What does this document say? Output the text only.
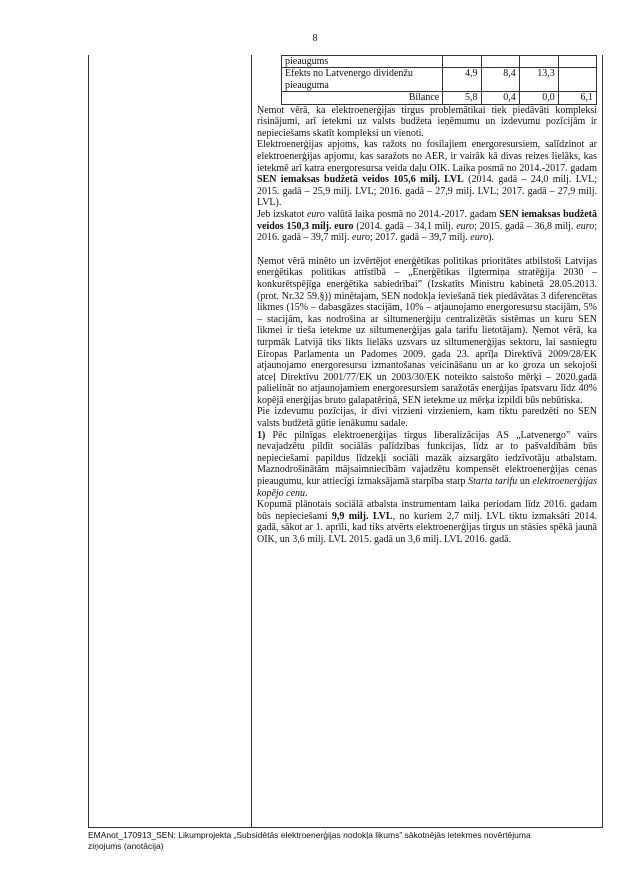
8
pieaugums				
Efekts no Latvenergo dividenžu pieauguma	4,9	8,4	13,3	
Bilance	5,8	0,4	0,0	6,1

Ņemot vērā, ka elektroenerģijas tirgus problemātikai tiek piedāvāti kompleksi risinājumi, arī ietekmi uz valsts budžeta ieņēmumu un izdevumu pozīcijām ir nepieciešams skatīt kompleksi un vienoti.

Elektroenerģijas apjoms, kas ražots no fosilajiem energoresursiem, salīdzinot ar elektroenerģijas apjomu, kas saražots no AER, ir vairāk kā divas reizes lielāks, kas ietekmē arī katra energoresursa veida daļu OIK. Laika posmā no 2014.-2017. gadam SEN iemaksas budžetā veidos 105,6 milj. LVL (2014. gadā – 24,0 milj. LVL; 2015. gadā – 25,9 milj. LVL; 2016. gadā – 27,9 milj. LVL; 2017. gadā – 27,9 milj. LVL).

Jeb izskatot euro valūtā laika posmā no 2014.-2017. gadam SEN iemaksas budžetā veidos 150,3 milj. euro (2014. gadā – 34,1 milj. euro; 2015. gadā – 36,8 milj. euro; 2016. gadā – 39,7 milj. euro; 2017. gadā – 39,7 milj. euro).

Ņemot vērā minēto un izvērtējot enerģētikas politikas prioritātes atbilstoši Latvijas enerģētikas politikas attīstībā – „Enerģētikas ilgtermiņa stratēģija 2030 – konkurētspējīga enerģētika sabiedrībai” (Izskatīts Ministru kabinetā 28.05.2013. (prot. Nr.32 59.§)) minētajam, SEN nodokļa ieviešanā tiek piedāvātas 3 diferencētas likmes (15% – dabasgāzes stacijām, 10% – atjaunojamo energoresursu stacijām, 5% – stacijām, kas nodrošina ar siltumenerģiju centralizētās sistēmas un kuru SEN likmei ir tieša ietekme uz siltumenerģijas gala tarifu lietotājam). Ņemot vērā, ka turpmāk Latvijā tiks likts lielāks uzsvars uz siltumenerģijas sektoru, lai sasniegtu Eiropas Parlamenta un Padomes 2009. gada 23. aprīļa Direktīvā 2009/28/EK atjaunojamo energoresursu izmantošanas veicināšanu un ar ko groza un sekojoši atceļ Direktīvu 2001/77/EK un 2003/30/EK noteikto saistošo mērķi – 2020.gadā palielināt no atjaunojamiem energoresursiem saražotās enerģijas īpatsvaru līdz 40% kopējā enerģijas bruto galapatēriņā, SEN ietekme uz mērķa izpildi būs nebūtiska.

Pie izdevumu pozīcijas, ir divi virzieni virzieniem, kam tiktu paredzēti no SEN valsts budžetā gūtie ienākumu sadale.

1) Pēc pilnīgas elektroenerģijas tirgus liberalizācijas AS „Latvenergo” vairs nevajadzētu pildīt sociālās palīdzības funkcijas, līdz ar to pašvaldībām būs nepieciešami papildus līdzekļi sociāli mazāk aizsargāto iedzīvotāju atbalstam. Maznodrošinātām mājsaimniecībām vajadzētu kompensēt elektroenerģijas cenas pieaugumu, kur attiecīgi izmaksājamā starpība starp Starta tarifu un elektroenerģijas kopējo cenu.

Kopumā plānotais sociālā atbalsta instrumentam laika periodam līdz 2016. gadam būs nepieciešami 9,9 milj. LVL, no kuriem 2,7 milj. LVL tiktu izmaksāti 2014. gadā, sākot ar 1. aprīli, kad tiks atvērts elektroenerģijas tirgus un stāsies spēkā jaunā OIK, un 3,6 milj. LVL 2015. gadā un 3,6 milj. LVL 2016. gadā.

EMAnot_170913_SEN; Likumprojekta „Subsidētās elektroenerģijas nodokļa likums” sākotnējās ietekmes novērtējuma
ziņojums (anotācija)
